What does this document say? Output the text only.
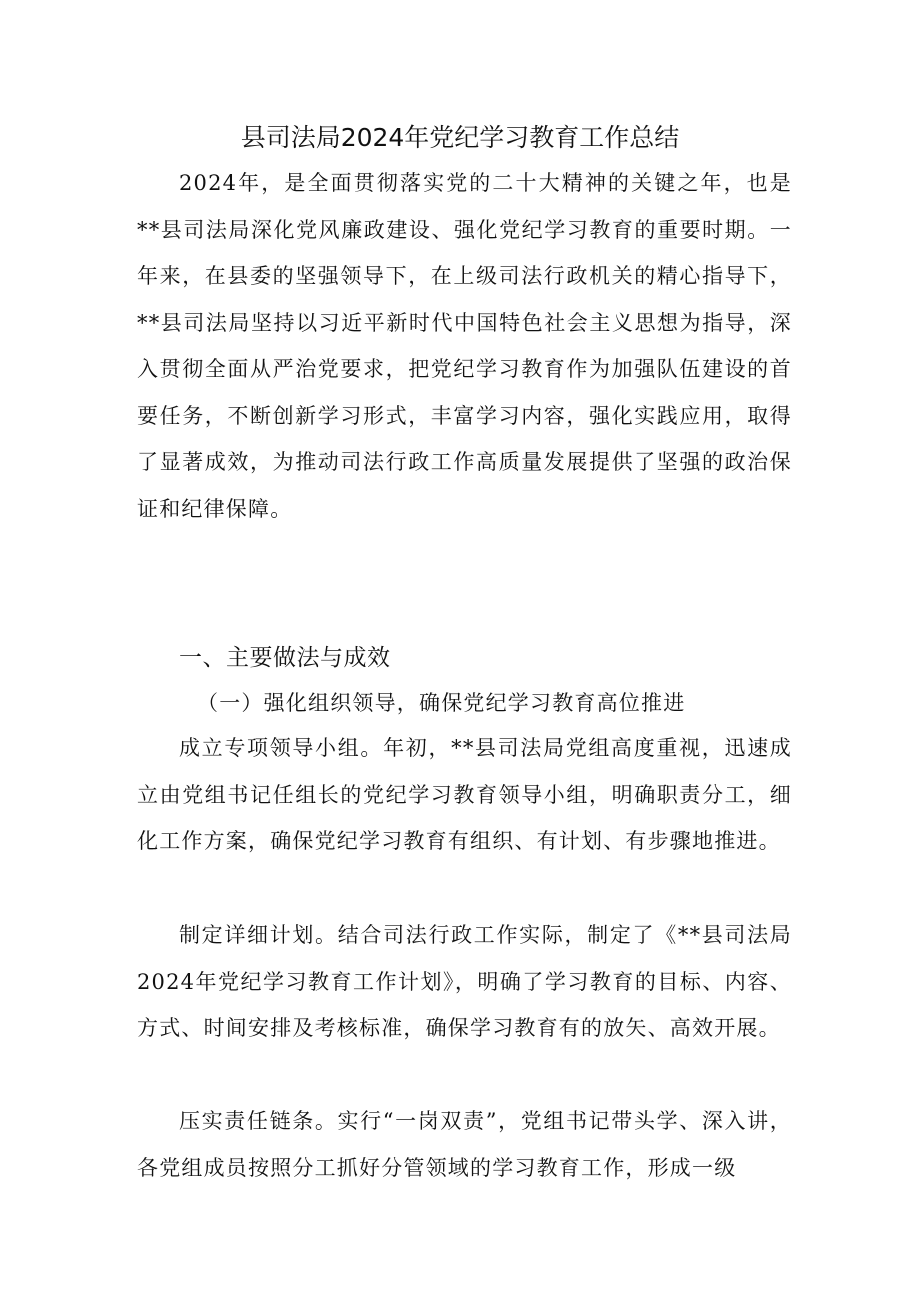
县司法局2024年党纪学习教育工作总结

2024年，是全面贯彻落实党的二十大精神的关键之年，也是**县司法局深化党风廉政建设、强化党纪学习教育的重要时期。一年来，在县委的坚强领导下，在上级司法行政机关的精心指导下，**县司法局坚持以习近平新时代中国特色社会主义思想为指导，深入贯彻全面从严治党要求，把党纪学习教育作为加强队伍建设的首要任务，不断创新学习形式，丰富学习内容，强化实践应用，取得了显著成效，为推动司法行政工作高质量发展提供了坚强的政治保证和纪律保障。

一、主要做法与成效
（一）强化组织领导，确保党纪学习教育高位推进

成立专项领导小组。年初，**县司法局党组高度重视，迅速成立由党组书记任组长的党纪学习教育领导小组，明确职责分工，细化工作方案，确保党纪学习教育有组织、有计划、有步骤地推进。

制定详细计划。结合司法行政工作实际，制定了《**县司法局2024年党纪学习教育工作计划》，明确了学习教育的目标、内容、方式、时间安排及考核标准，确保学习教育有的放矢、高效开展。

压实责任链条。实行“一岗双责”，党组书记带头学、深入讲，各党组成员按照分工抓好分管领域的学习教育工作，形成一级
